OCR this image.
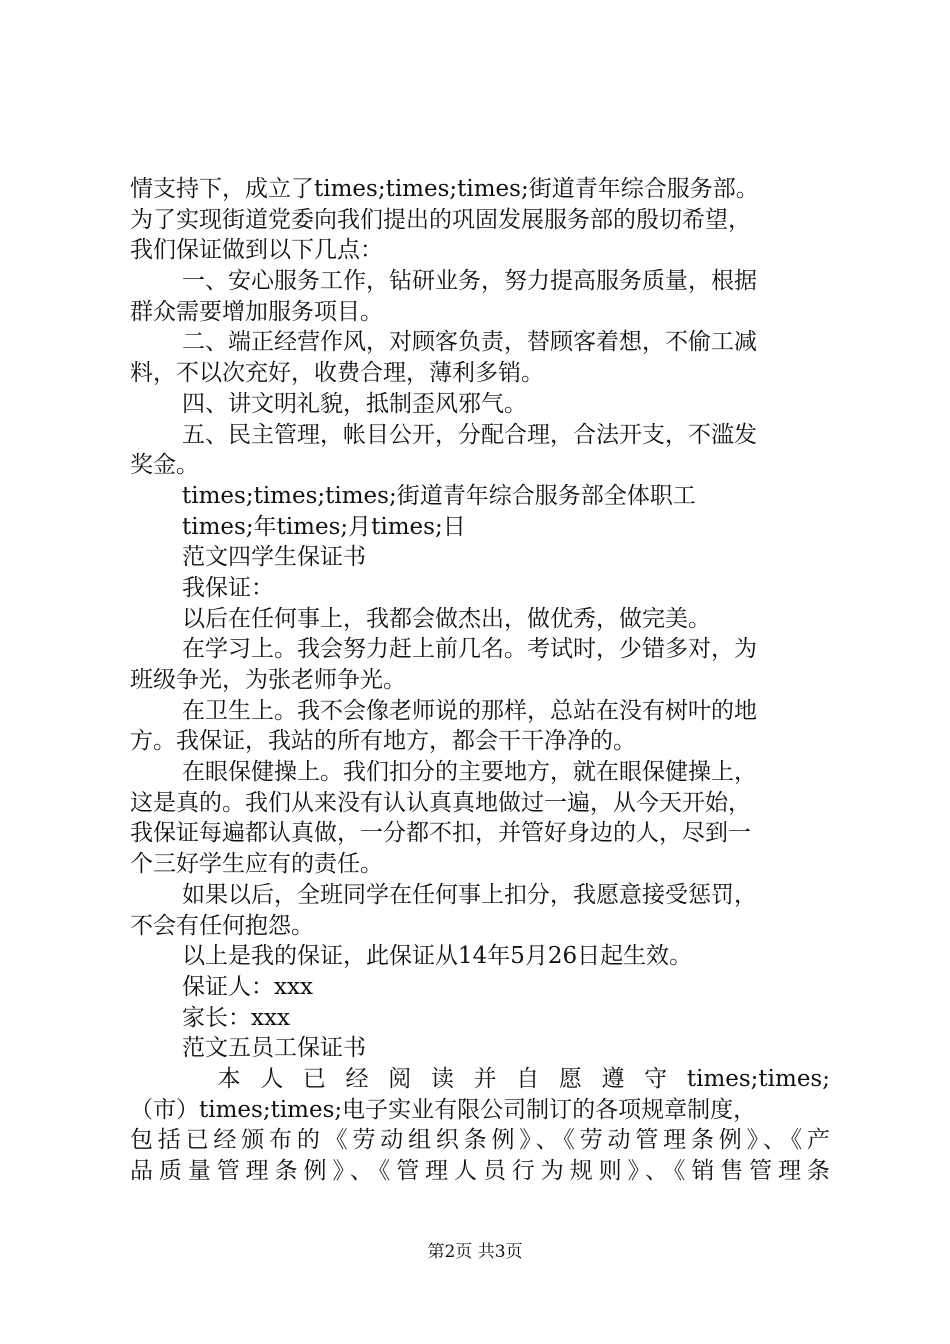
情支持下，成立了times;times;times;街道青年综合服务部。
为了实现街道党委向我们提出的巩固发展服务部的殷切希望，
我们保证做到以下几点：
一、安心服务工作，钻研业务，努力提高服务质量，根据
群众需要增加服务项目。
二、端正经营作风，对顾客负责，替顾客着想，不偷工减
料，不以次充好，收费合理，薄利多销。
四、讲文明礼貌，抵制歪风邪气。
五、民主管理，帐目公开，分配合理，合法开支，不滥发
奖金。
times;times;times;街道青年综合服务部全体职工
times;年times;月times;日
范文四学生保证书
我保证：
以后在任何事上，我都会做杰出，做优秀，做完美。
在学习上。我会努力赶上前几名。考试时，少错多对，为
班级争光，为张老师争光。
在卫生上。我不会像老师说的那样，总站在没有树叶的地
方。我保证，我站的所有地方，都会干干净净的。
在眼保健操上。我们扣分的主要地方，就在眼保健操上，
这是真的。我们从来没有认认真真地做过一遍，从今天开始，
我保证每遍都认真做，一分都不扣，并管好身边的人，尽到一
个三好学生应有的责任。
如果以后，全班同学在任何事上扣分，我愿意接受惩罚，
不会有任何抱怨。
以上是我的保证，此保证从14年5月26日起生效。
保证人：xxx
家长：xxx
范文五员工保证书
　　　本 人 已 经 阅 读 并 自 愿 遵 守 times;times;
（市）times;times;电子实业有限公司制订的各项规章制度，
包括已经颁布的《劳动组织条例》、《劳动管理条例》、《产
品质量管理条例》、《管理人员行为规则》、《销售管理条
第2页 共3页
